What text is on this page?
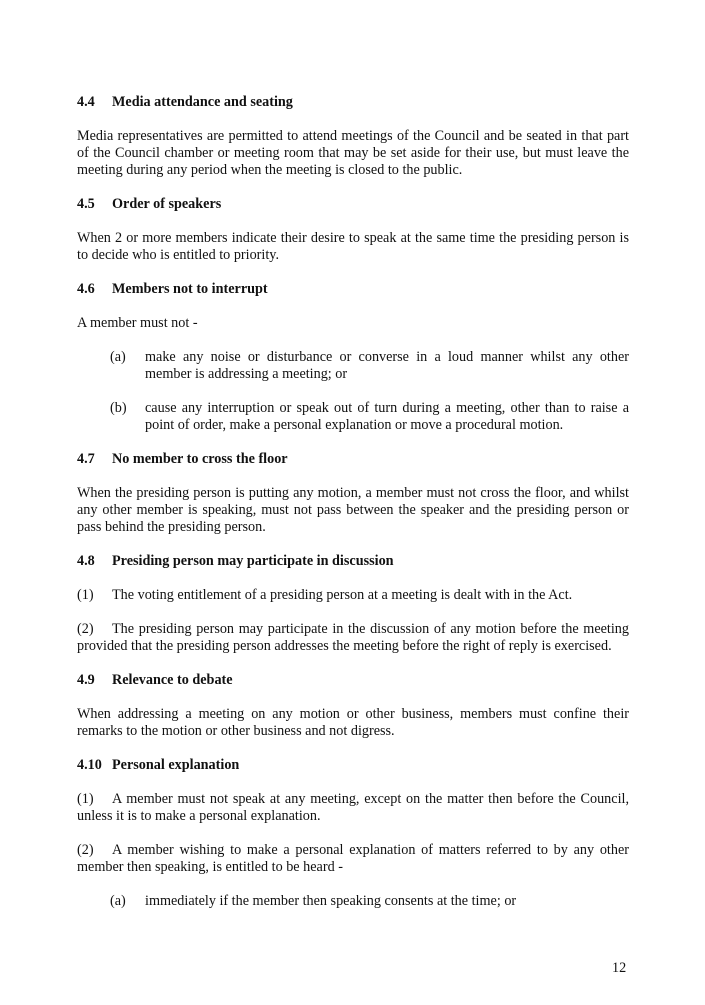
4.4	Media attendance and seating

Media representatives are permitted to attend meetings of the Council and be seated in that part of the Council chamber or meeting room that may be set aside for their use, but must leave the meeting during any period when the meeting is closed to the public.

4.5	Order of speakers

When 2 or more members indicate their desire to speak at the same time the presiding person is to decide who is entitled to priority.

4.6	Members not to interrupt

A member must not -

(a)	make any noise or disturbance or converse in a loud manner whilst any other member is addressing a meeting; or
(b)	cause any interruption or speak out of turn during a meeting, other than to raise a point of order, make a personal explanation or move a procedural motion.
4.7	No member to cross the floor

When the presiding person is putting any motion, a member must not cross the floor, and whilst any other member is speaking, must not pass between the speaker and the presiding person or pass behind the presiding person.

4.8	Presiding person may participate in discussion

(1) The voting entitlement of a presiding person at a meeting is dealt with in the Act.

(2) The presiding person may participate in the discussion of any motion before the meeting provided that the presiding person addresses the meeting before the right of reply is exercised.

4.9	Relevance to debate

When addressing a meeting on any motion or other business, members must confine their remarks to the motion or other business and not digress.

4.10 Personal explanation

(1) A member must not speak at any meeting, except on the matter then before the Council, unless it is to make a personal explanation.

(2) A member wishing to make a personal explanation of matters referred to by any other member then speaking, is entitled to be heard -

(a)	immediately if the member then speaking consents at the time; or
12
